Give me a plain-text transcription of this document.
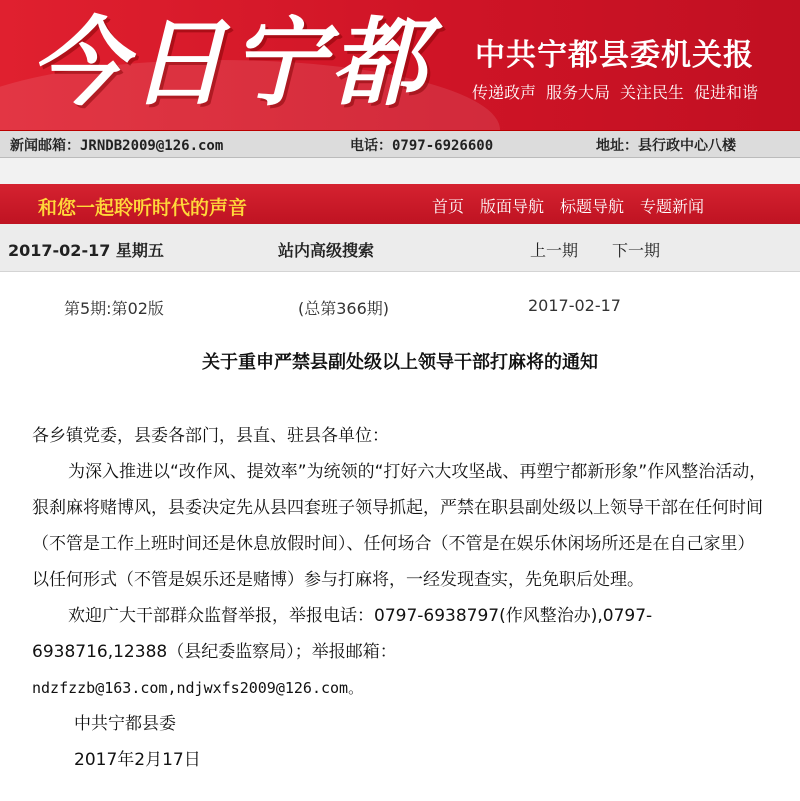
今日宁都 中共宁都县委机关报
传递政声 服务大局 关注民生 促进和谐
新闻邮箱：JRNDB2009@126.com	电话：0797-6926600	地址：县行政中心八楼
和您一起聆听时代的声音	首页 版面导航 标题导航 专题新闻
2017-02-17 星期五	站内高级搜索	上一期 下一期
第5期:第02版	(总第366期)	2017-02-17
关于重申严禁县副处级以上领导干部打麻将的通知

各乡镇党委，县委各部门，县直、驻县各单位：

为深入推进以“改作风、提效率”为统领的“打好六大攻坚战、再塑宁都新形象”作风整治活动，狠刹麻将赌博风，县委决定先从县四套班子领导抓起，严禁在职县副处级以上领导干部在任何时间（不管是工作上班时间还是休息放假时间）、任何场合（不管是在娱乐休闲场所还是在自己家里）以任何形式（不管是娱乐还是赌博）参与打麻将，一经发现查实，先免职后处理。

欢迎广大干部群众监督举报，举报电话：0797-6938797(作风整治办),0797-6938716,12388（县纪委监察局）；举报邮箱：

ndzfzzb@163.com,ndjwxfs2009@126.com。

中共宁都县委

2017年2月17日
